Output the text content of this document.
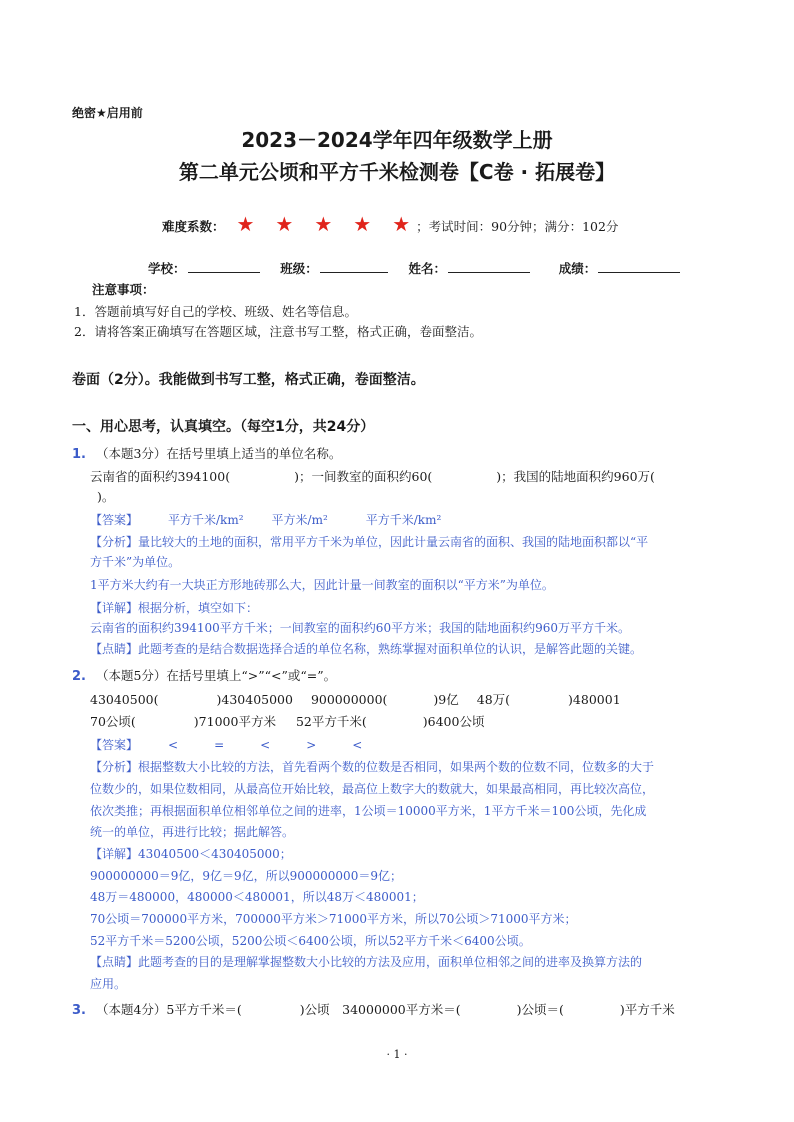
绝密★启用前
2023－2024学年四年级数学上册
第二单元公顷和平方千米检测卷【C卷 · 拓展卷】
难度系数： ★ ★ ★ ★ ★ ；考试时间：90分钟；满分：102分
学校：	班级：	姓名：	成绩：
注意事项：
1．答题前填写好自己的学校、班级、姓名等信息。
2．请将答案正确填写在答题区域，注意书写工整，格式正确，卷面整洁。
卷面（2分）。我能做到书写工整，格式正确，卷面整洁。
一、用心思考，认真填空。（每空1分，共24分）
1. （本题3分）在括号里填上适当的单位名称。
云南省的面积约394100(	)；一间教室的面积约60(	)；我国的陆地面积约960万(
)。
【答案】	平方千米/km² 平方米/m²	平方千米/km²
【分析】量比较大的土地的面积，常用平方千米为单位，因此计量云南省的面积、我国的陆地面积都以“平
方千米”为单位。
1平方米大约有一大块正方形地砖那么大，因此计量一间教室的面积以“平方米”为单位。
【详解】根据分析，填空如下：
云南省的面积约394100平方千米；一间教室的面积约60平方米；我国的陆地面积约960万平方千米。
【点睛】此题考查的是结合数据选择合适的单位名称，熟练掌握对面积单位的认识，是解答此题的关键。
2. （本题5分）在括号里填上“>”“<”或“=”。
43040500(	)430405000 900000000(	)9亿 48万(	)480001
70公顷(	)71000平方米 52平方千米(	)6400公顷
【答案】	<	=	<	>	<
【分析】根据整数大小比较的方法，首先看两个数的位数是否相同，如果两个数的位数不同，位数多的大于
位数少的，如果位数相同，从最高位开始比较，最高位上数字大的数就大，如果最高相同，再比较次高位，
依次类推；再根据面积单位相邻单位之间的进率，1公顷＝10000平方米，1平方千米＝100公顷，先化成
统一的单位，再进行比较；据此解答。
【详解】43040500＜430405000；
900000000＝9亿，9亿＝9亿，所以900000000＝9亿；
48万＝480000，480000＜480001，所以48万＜480001；
70公顷＝700000平方米，700000平方米＞71000平方米，所以70公顷＞71000平方米；
52平方千米＝5200公顷，5200公顷＜6400公顷，所以52平方千米＜6400公顷。
【点睛】此题考查的目的是理解掌握整数大小比较的方法及应用，面积单位相邻之间的进率及换算方法的
应用。
3. （本题4分）5平方千米＝(	)公顷　34000000平方米＝(	)公顷＝(	)平方千米
· 1 ·
